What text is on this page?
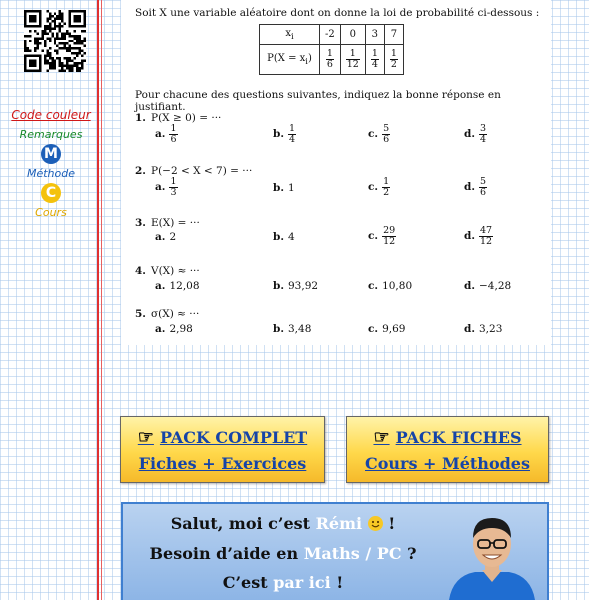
Code couleur
Remarques
M
Méthode
C
Cours
Soit X une variable aléatoire dont on donne la loi de probabilité ci-dessous :
$x_i$	-2	0	3	7
$P(X = x_i)$	$\frac{1}{6}$	$\frac{1}{12}$	$\frac{1}{4}$	$\frac{1}{2}$
Pour chacune des questions suivantes, indiquez la bonne réponse en justifiant.
1. P(X ≥ 0) = ···
a. $\frac{1}{6}$	b. $\frac{1}{4}$	c. $\frac{5}{6}$	d. $\frac{3}{4}$
2. P(−2 < X < 7) = ···
a. $\frac{1}{3}$	b. 1	c. $\frac{1}{2}$	d. $\frac{5}{6}$
3. E(X) = ···
a. 2	b. 4	c. $\frac{29}{12}$	d. $\frac{47}{12}$
4. V(X) ≈ ···
a. 12,08	b. 93,92	c. 10,80	d. −4,28
5. σ(X) ≈ ···
a. 2,98	b. 3,48	c. 9,69	d. 3,23
☞ PACK COMPLET
Fiches + Exercices
☞ PACK FICHES
Cours + Méthodes
Salut, moi c’est Rémi  !
Besoin d’aide en Maths / PC ?
C’est par ici !
